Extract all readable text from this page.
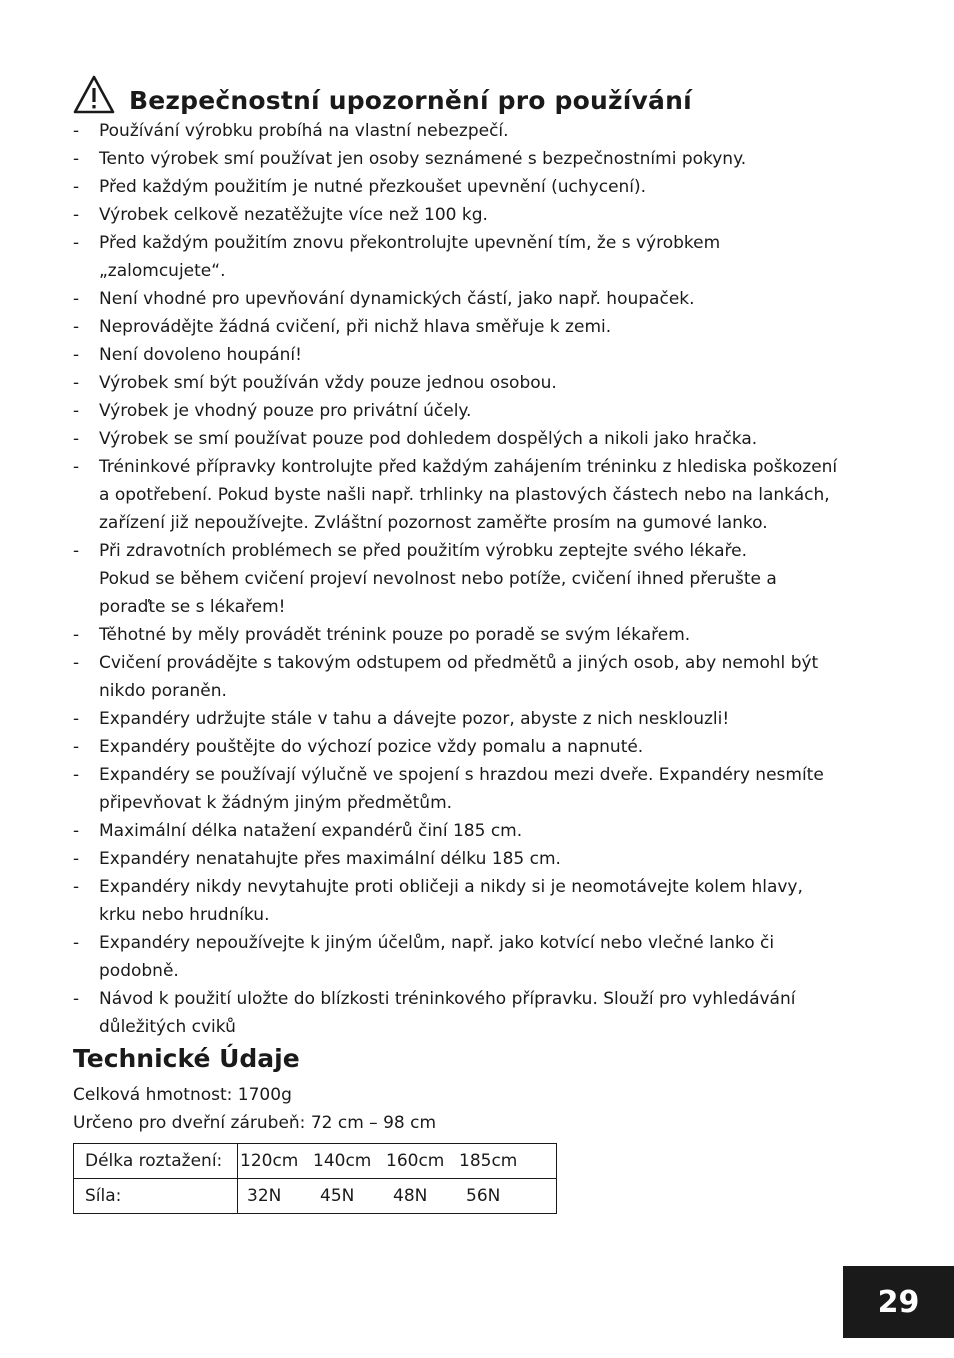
Bezpečnostní upozornění pro používání
- Používání výrobku probíhá na vlastní nebezpečí.
- Tento výrobek smí používat jen osoby seznámené s bezpečnostními pokyny.
- Před každým použitím je nutné přezkoušet upevnění (uchycení).
- Výrobek celkově nezatěžujte více než 100 kg.
- Před každým použitím znovu překontrolujte upevnění tím, že s výrobkem
„zalomcujete“.
- Není vhodné pro upevňování dynamických částí, jako např. houpaček.
- Neprovádějte žádná cvičení, při nichž hlava směřuje k zemi.
- Není dovoleno houpání!
- Výrobek smí být používán vždy pouze jednou osobou.
- Výrobek je vhodný pouze pro privátní účely.
- Výrobek se smí používat pouze pod dohledem dospělých a nikoli jako hračka.
- Tréninkové přípravky kontrolujte před každým zahájením tréninku z hlediska poškození
a opotřebení. Pokud byste našli např. trhlinky na plastových částech nebo na lankách,
zařízení již nepoužívejte. Zvláštní pozornost zaměřte prosím na gumové lanko.
- Při zdravotních problémech se před použitím výrobku zeptejte svého lékaře.
Pokud se během cvičení projeví nevolnost nebo potíže, cvičení ihned přerušte a
poraďte se s lékařem!
- Těhotné by měly provádět trénink pouze po poradě se svým lékařem.
- Cvičení provádějte s takovým odstupem od předmětů a jiných osob, aby nemohl být
nikdo poraněn.
- Expandéry udržujte stále v tahu a dávejte pozor, abyste z nich nesklouzli!
- Expandéry pouštějte do výchozí pozice vždy pomalu a napnuté.
- Expandéry se používají výlučně ve spojení s hrazdou mezi dveře. Expandéry nesmíte
připevňovat k žádným jiným předmětům.
- Maximální délka natažení expandérů činí 185 cm.
- Expandéry nenatahujte přes maximální délku 185 cm.
- Expandéry nikdy nevytahujte proti obličeji a nikdy si je neomotávejte kolem hlavy,
krku nebo hrudníku.
- Expandéry nepoužívejte k jiným účelům, např. jako kotvící nebo vlečné lanko či
podobně.
- Návod k použití uložte do blízkosti tréninkového přípravku. Slouží pro vyhledávání
důležitých cviků
Technické Údaje
Celková hmotnost: 1700g
Určeno pro dveřní zárubeň: 72 cm – 98 cm
Délka roztažení:	120cm 140cm 160cm 185cm

Síla:	32N 45N 48N 56N
29
